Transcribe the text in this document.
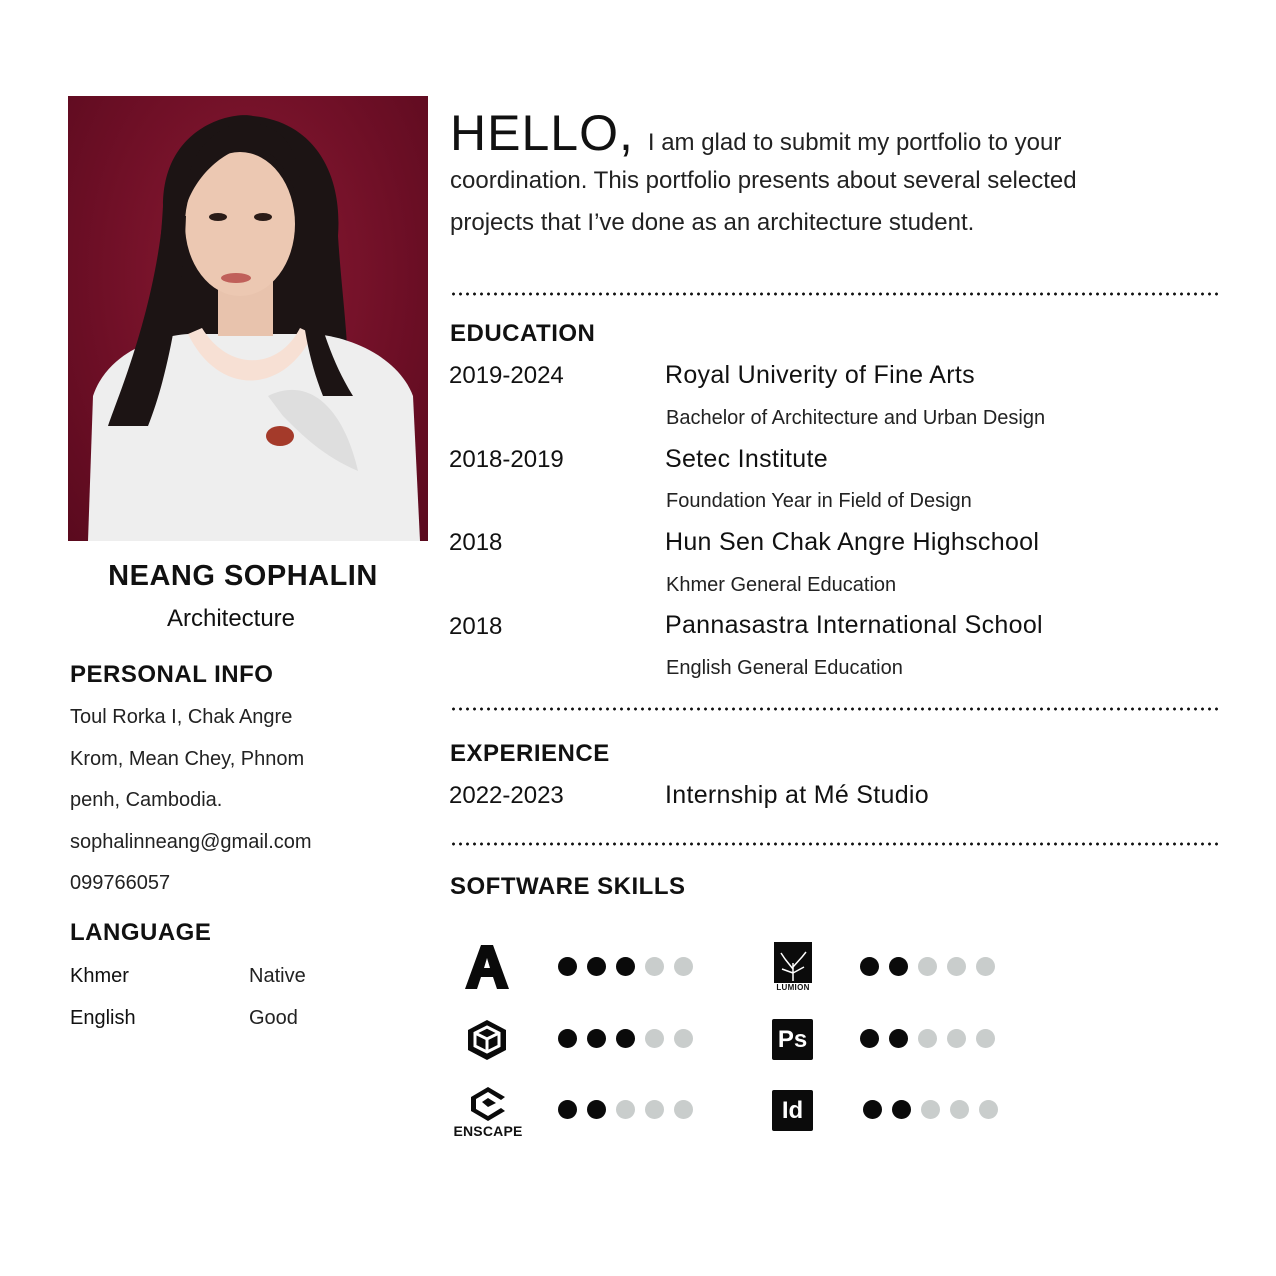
NEANG SOPHALIN
Architecture
PERSONAL INFO
Toul Rorka I, Chak Angre
Krom, Mean Chey, Phnom
penh, Cambodia.
sophalinneang@gmail.com
099766057
LANGUAGE
Khmer	Native
English	Good
HELLO, I am glad to submit my portfolio to your
coordination. This portfolio presents about several selected
projects that I’ve done as an architecture student.
EDUCATION
2019-2024	Royal Univerity of Fine Arts
Bachelor of Architecture and Urban Design
2018-2019	Setec Institute
Foundation Year in Field of Design
2018	Hun Sen Chak Angre Highschool
Khmer General Education
2018	Pannasastra International School
English General Education
EXPERIENCE
2022-2023	Internship at Mé Studio
SOFTWARE SKILLS
LUMION
Ps
ENSCAPE
Id
